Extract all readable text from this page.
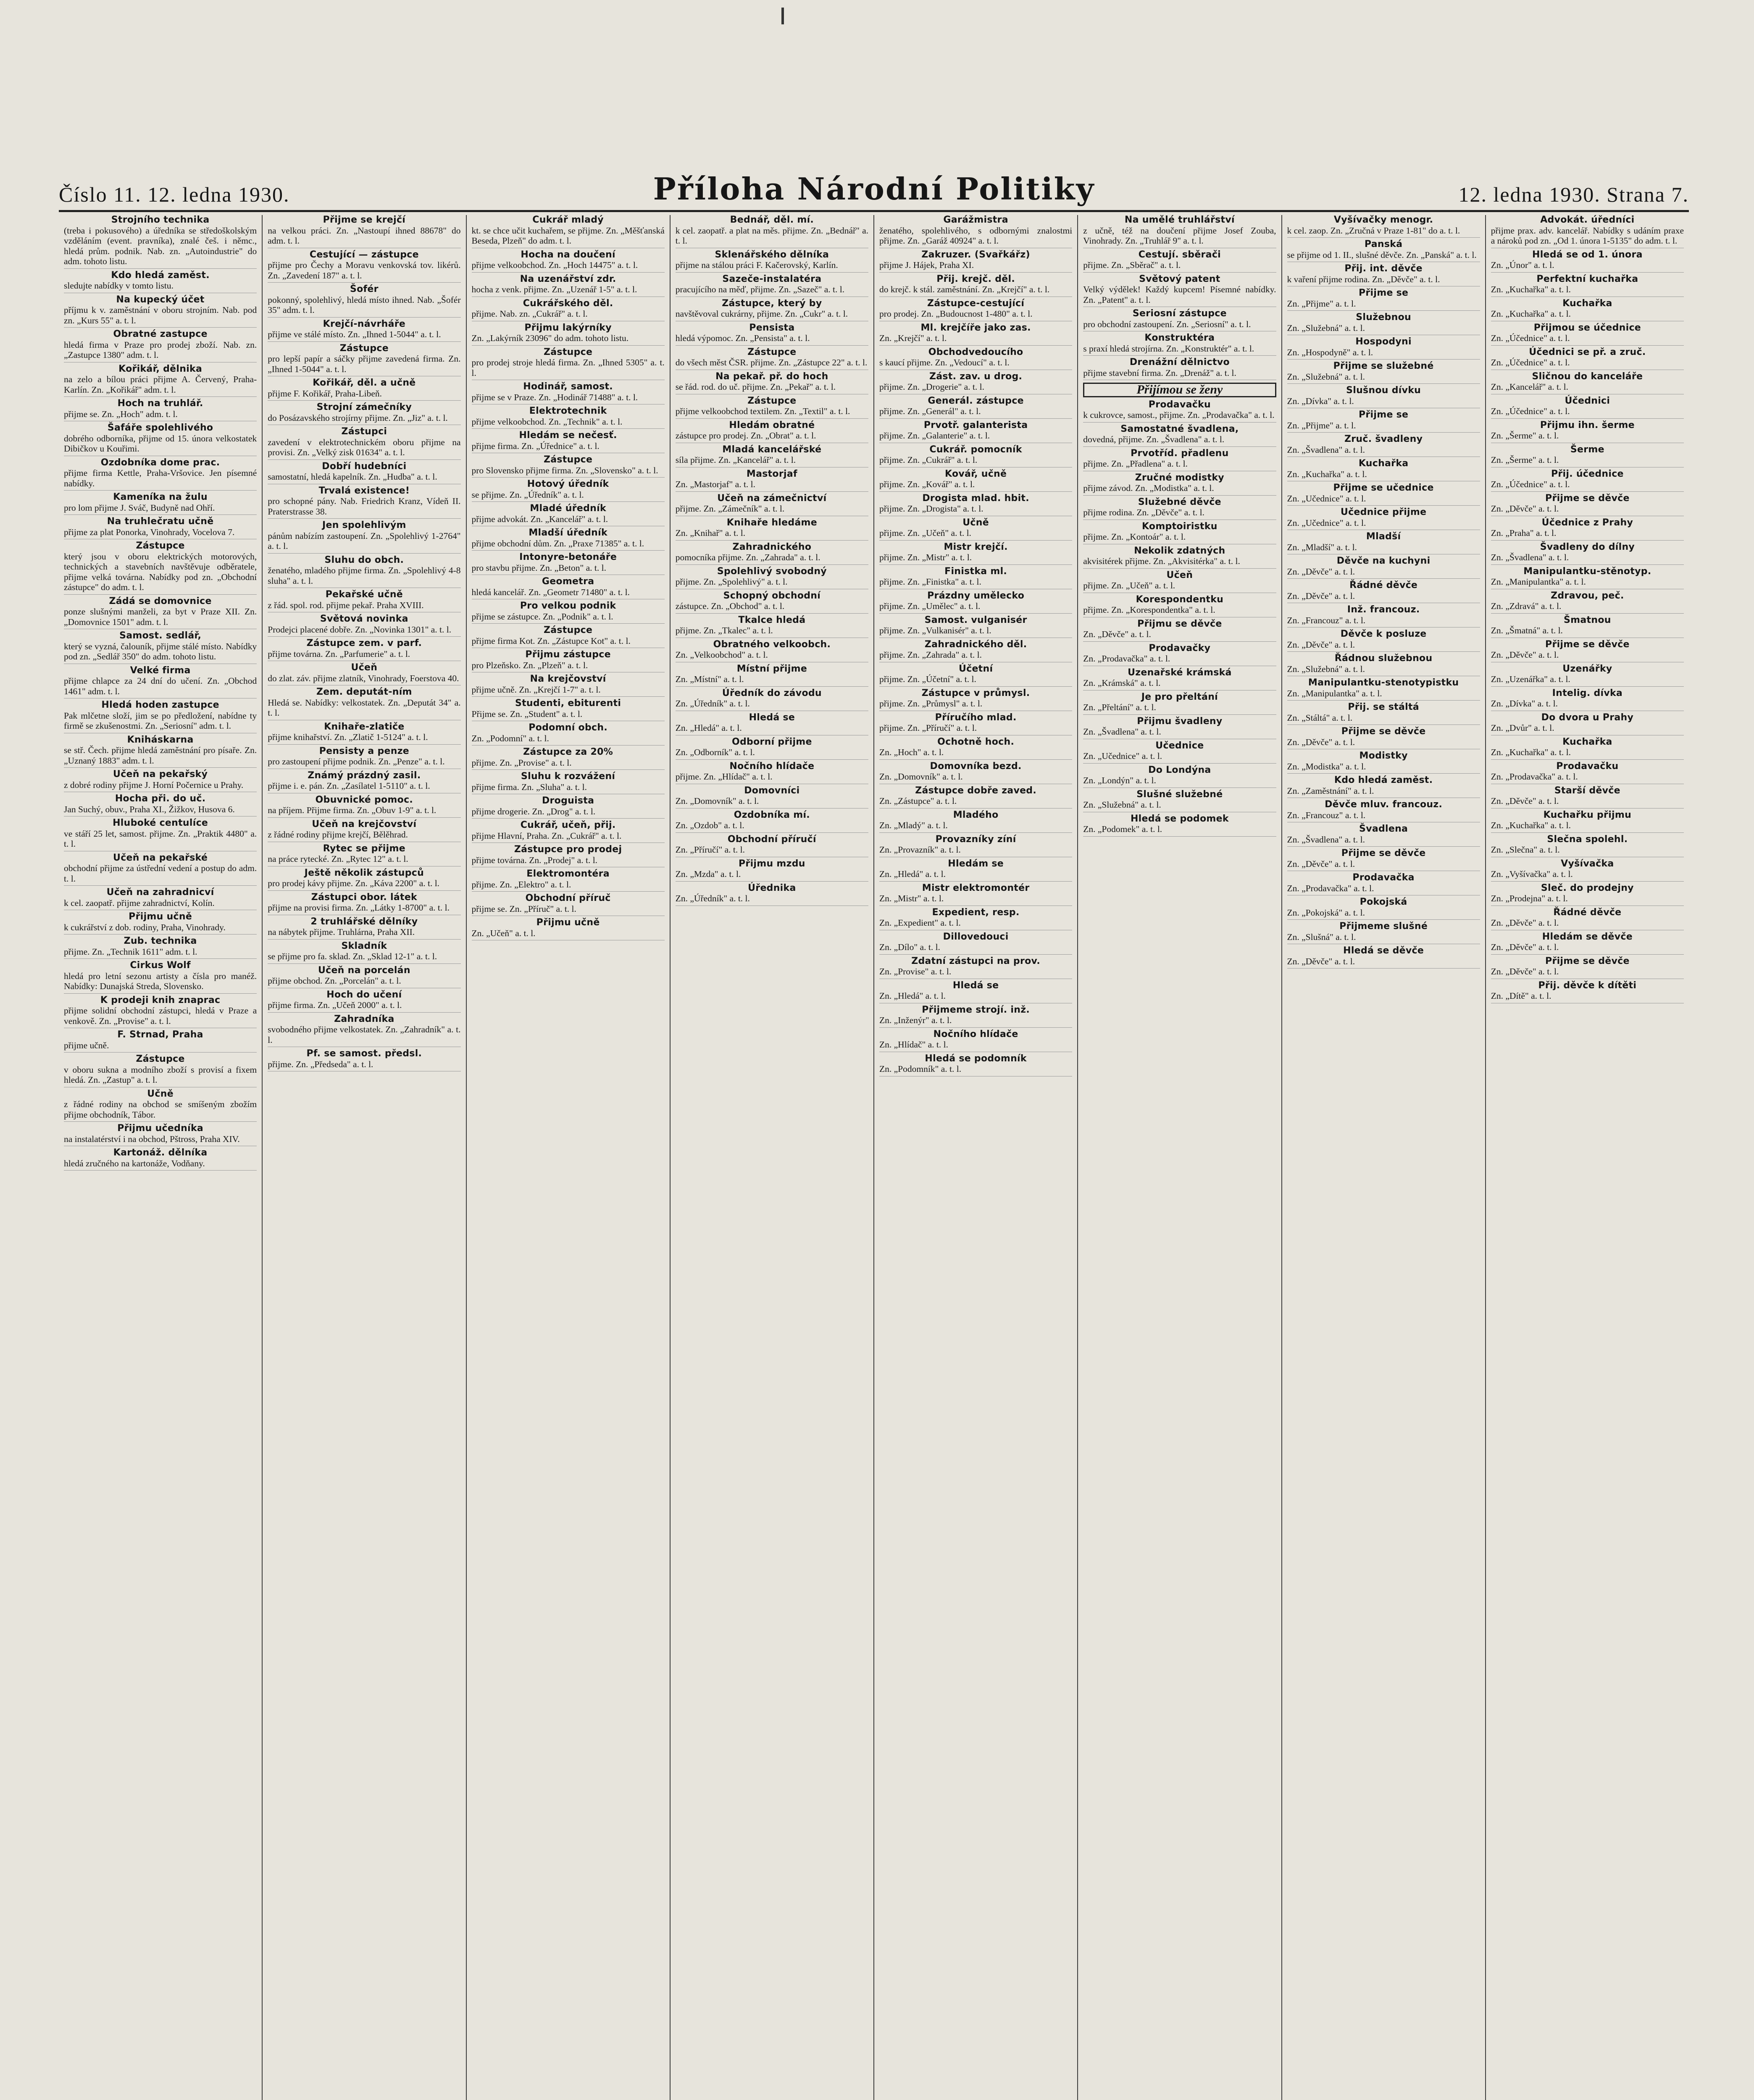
Číslo 11. 12. ledna 1930.	Příloha Národní Politiky	12. ledna 1930. Strana 7.
Strojního technika
(treba i pokusového) a úředníka se středoškolským vzděláním (event. pravníka), znalé češ. i němc., hledá prům. podnik. Nab. zn. „Autoindustrie" do adm. tohoto listu.
Kdo hledá zaměst.
sledujte nabídky v tomto listu.
Na kupecký účet
příjmu k v. zaměstnání v oboru strojním. Nab. pod zn. „Kurs 55" a. t. l.
Obratné zastupce
hledá firma v Praze pro prodej zboží. Nab. zn. „Zastupce 1380" adm. t. l.
Kořikář, dělnika
na zelo a bílou práci přijme A. Červený, Praha-Karlín. Zn. „Kořikář" adm. t. l.
Hoch na truhlář.
přijme se. Zn. „Hoch" adm. t. l.
Šafáře spolehlivého
dobrého odborníka, přijme od 15. února velkostatek Dibičkov u Kouřimi.
Ozdobníka dome prac.
přijme firma Kettle, Praha-Vršovice. Jen písemné nabídky.
Kameníka na žulu
pro lom přijme J. Sváč, Budyně nad Ohří.
Na truhlečratu učně
přijme za plat Ponorka, Vinohrady, Vocelova 7.
Zástupce
který jsou v oboru elektrických motorových, technických a stavebních navštěvuje odběratele, přijme velká továrna. Nabídky pod zn. „Obchodní zástupce" do adm. t. l.
Zádá se domovnice
ponze slušnými manželi, za byt v Praze XII. Zn. „Domovnice 1501" adm. t. l.
Samost. sedlář,
který se vyzná, čalouník, přijme stálé místo. Nabídky pod zn. „Sedlář 350" do adm. tohoto listu.
Velké firma
přijme chlapce za 24 dní do učení. Zn. „Obchod 1461" adm. t. l.
Hledá hoden zastupce
Pak mlčetne složí, jim se po předložení, nabídne ty firmě se zkušenostmi. Zn. „Seriosní" adm. t. l.
Kniháskarna
se stř. Čech. přijme hledá zaměstnání pro písaře. Zn. „Uznaný 1883" adm. t. l.
Učeň na pekařský
z dobré rodiny přijme J. Horní Počernice u Prahy.
Hocha při. do uč.
Jan Suchý, obuv., Praha XI., Žižkov, Husova 6.
Hluboké centulíce
ve stáří 25 let, samost. přijme. Zn. „Praktik 4480" a. t. l.
Učeň na pekařské
obchodní přijme za ústřední vedení a postup do adm. t. l.
Učeň na zahradnicví
k cel. zaopatř. přijme zahradnictví, Kolín.
Přijmu učně
k cukrářství z dob. rodiny, Praha, Vinohrady.
Zub. technika
přijme. Zn. „Technik 1611" adm. t. l.
Cirkus Wolf
hledá pro letní sezonu artisty a čísla pro manéž. Nabídky: Dunajská Streda, Slovensko.
K prodeji knih znaprac
přijme solidní obchodní zástupci, hledá v Praze a venkově. Zn. „Provise" a. t. l.
F. Strnad, Praha
přijme učně.
Zástupce
v oboru sukna a modního zboží s provisí a fixem hledá. Zn. „Zastup" a. t. l.
Učně
z řádné rodiny na obchod se smíšeným zbožím přijme obchodník, Tábor.
Přijmu učedníka
na instalatérství i na obchod, Pštross, Praha XIV.
Kartonáž. dělníka
hledá zručného na kartonáže, Vodňany.
Přijme se krejčí
na velkou práci. Zn. „Nastoupí ihned 88678" do adm. t. l.
Cestující — zástupce
přijme pro Čechy a Moravu venkovská tov. likérů. Zn. „Zavedení 187" a. t. l.
Šofér
pokonný, spolehlivý, hledá místo ihned. Nab. „Šofér 35" adm. t. l.
Krejčí-návrháře
přijme ve stálé místo. Zn. „Ihned 1-5044" a. t. l.
Zástupce
pro lepší papír a sáčky přijme zavedená firma. Zn. „Ihned 1-5044" a. t. l.
Kořikář, děl. a učně
přijme F. Kořikář, Praha-Libeň.
Strojní zámečníky
do Posázavského strojírny přijme. Zn. „Jiz" a. t. l.
Zástupci
zavedení v elektrotechnickém oboru přijme na provisi. Zn. „Velký zisk 01634" a. t. l.
Dobří hudebníci
samostatní, hledá kapelník. Zn. „Hudba" a. t. l.
Trvalá existence!
pro schopné pány. Nab. Friedrich Kranz, Vídeň II. Praterstrasse 38.
Jen spolehlivým
pánům nabízím zastoupení. Zn. „Spolehlivý 1-2764" a. t. l.
Sluhu do obch.
ženatého, mladého přijme firma. Zn. „Spolehlivý 4-8 sluha" a. t. l.
Pekařské učně
z řád. spol. rod. přijme pekař. Praha XVIII.
Světová novinka
Prodejci placené dobře. Zn. „Novinka 1301" a. t. l.
Zástupce zem. v parf.
přijme továrna. Zn. „Parfumerie" a. t. l.
Učeň
do zlat. záv. přijme zlatník, Vinohrady, Foerstova 40.
Zem. deputát-ním
Hledá se. Nabídky: velkostatek. Zn. „Deputát 34" a. t. l.
Knihaře-zlatiče
přijme knihařství. Zn. „Zlatič 1-5124" a. t. l.
Pensisty a penze
pro zastoupení přijme podnik. Zn. „Penze" a. t. l.
Známý prázdný zasil.
přijme i. e. pán. Zn. „Zasílatel 1-5110" a. t. l.
Obuvnické pomoc.
na příjem. Přijme firma. Zn. „Obuv 1-9" a. t. l.
Učeň na krejčovství
z řádné rodiny přijme krejčí, Bělěhrad.
Rytec se přijme
na práce rytecké. Zn. „Rytec 12" a. t. l.
Ještě několik zástupců
pro prodej kávy přijme. Zn. „Káva 2200" a. t. l.
Zástupci obor. látek
přijme na provisi firma. Zn. „Látky 1-8700" a. t. l.
2 truhlářské dělníky
na nábytek přijme. Truhlárna, Praha XII.
Skladník
se přijme pro fa. sklad. Zn. „Sklad 12-1" a. t. l.
Učeň na porcelán
přijme obchod. Zn. „Porcelán" a. t. l.
Hoch do učení
přijme firma. Zn. „Učeň 2000" a. t. l.
Zahradníka
svobodného přijme velkostatek. Zn. „Zahradník" a. t. l.
Pf. se samost. předsl.
přijme. Zn. „Předseda" a. t. l.
Cukrář mladý
kt. se chce učit kuchařem, se přijme. Zn. „Měšťanská Beseda, Plzeň" do adm. t. l.
Hocha na doučení
přijme velkoobchod. Zn. „Hoch 14475" a. t. l.
Na uzenářství zdr.
hocha z venk. přijme. Zn. „Uzenář 1-5" a. t. l.
Cukrářského děl.
přijme. Nab. zn. „Cukrář" a. t. l.
Přijmu lakýrníky
Zn. „Lakýrník 23096" do adm. tohoto listu.
Zástupce
pro prodej stroje hledá firma. Zn. „Ihned 5305" a. t. l.
Hodinář, samost.
přijme se v Praze. Zn. „Hodinář 71488" a. t. l.
Elektrotechnik
přijme velkoobchod. Zn. „Technik" a. t. l.
Hledám se nečesť.
přijme firma. Zn. „Úřednice" a. t. l.
Zástupce
pro Slovensko přijme firma. Zn. „Slovensko" a. t. l.
Hotový úředník
se přijme. Zn. „Úředník" a. t. l.
Mladé úředník
přijme advokát. Zn. „Kancelář" a. t. l.
Mladší úředník
přijme obchodní dům. Zn. „Praxe 71385" a. t. l.
Intonyre-betonáře
pro stavbu přijme. Zn. „Beton" a. t. l.
Geometra
hledá kancelář. Zn. „Geometr 71480" a. t. l.
Pro velkou podnik
přijme se zástupce. Zn. „Podnik" a. t. l.
Zástupce
přijme firma Kot. Zn. „Zástupce Kot" a. t. l.
Přijmu zástupce
pro Plzeňsko. Zn. „Plzeň" a. t. l.
Na krejčovství
přijme učně. Zn. „Krejčí 1-7" a. t. l.
Studenti, ebiturenti
Přijme se. Zn. „Student" a. t. l.
Podomní obch.
Zn. „Podomní" a. t. l.
Zástupce za 20%
přijme. Zn. „Provise" a. t. l.
Sluhu k rozvážení
přijme firma. Zn. „Sluha" a. t. l.
Droguista
přijme drogerie. Zn. „Drog" a. t. l.
Cukrář, učeň, přij.
přijme Hlavní, Praha. Zn. „Cukrář" a. t. l.
Zástupce pro prodej
přijme továrna. Zn. „Prodej" a. t. l.
Elektromontéra
přijme. Zn. „Elektro" a. t. l.
Obchodní příruč
přijme se. Zn. „Příruč" a. t. l.
Přijmu učně
Zn. „Učeň" a. t. l.
Bednář, děl. mí.
k cel. zaopatř. a plat na měs. přijme. Zn. „Bednář" a. t. l.
Sklenářského dělníka
přijme na stálou práci F. Kačerovský, Karlín.
Sazeče-instalatéra
pracujícího na měď, přijme. Zn. „Sazeč" a. t. l.
Zástupce, který by
navštěvoval cukrárny, přijme. Zn. „Cukr" a. t. l.
Pensista
hledá výpomoc. Zn. „Pensista" a. t. l.
Zástupce
do všech měst ČSR. přijme. Zn. „Zástupce 22" a. t. l.
Na pekař. př. do hoch
se řád. rod. do uč. přijme. Zn. „Pekař" a. t. l.
Zástupce
přijme velkoobchod textilem. Zn. „Textil" a. t. l.
Hledám obratné
zástupce pro prodej. Zn. „Obrat" a. t. l.
Mladá kancelářské
síla přijme. Zn. „Kancelář" a. t. l.
Mastorjaf
Zn. „Mastorjaf" a. t. l.
Učeň na zámečnictví
přijme. Zn. „Zámečník" a. t. l.
Knihaře hledáme
Zn. „Knihař" a. t. l.
Zahradnického
pomocníka přijme. Zn. „Zahrada" a. t. l.
Spolehlivý svobodný
přijme. Zn. „Spolehlivý" a. t. l.
Schopný obchodní
zástupce. Zn. „Obchod" a. t. l.
Tkalce hledá
přijme. Zn. „Tkalec" a. t. l.
Obratného velkoobch.
Zn. „Velkoobchod" a. t. l.
Místní přijme
Zn. „Místní" a. t. l.
Úředník do závodu
Zn. „Úředník" a. t. l.
Hledá se
Zn. „Hledá" a. t. l.
Odborní přijme
Zn. „Odborník" a. t. l.
Nočního hlídače
přijme. Zn. „Hlídač" a. t. l.
Domovníci
Zn. „Domovník" a. t. l.
Ozdobníka mí.
Zn. „Ozdob" a. t. l.
Obchodní příručí
Zn. „Příručí" a. t. l.
Přijmu mzdu
Zn. „Mzda" a. t. l.
Úřednika
Zn. „Úředník" a. t. l.
Garážmistra
ženatého, spolehlivého, s odbornými znalostmi přijme. Zn. „Garáž 40924" a. t. l.
Zakruzer. (Svařkářz)
přijme J. Hájek, Praha XI.
Přij. krejč. děl.
do krejč. k stál. zaměstnání. Zn. „Krejčí" a. t. l.
Zástupce-cestující
pro prodej. Zn. „Budoucnost 1-480" a. t. l.
Ml. krejčíře jako zas.
Zn. „Krejčí" a. t. l.
Obchodvedoucího
s kaucí přijme. Zn. „Vedoucí" a. t. l.
Zást. zav. u drog.
přijme. Zn. „Drogerie" a. t. l.
Generál. zástupce
přijme. Zn. „Generál" a. t. l.
Prvotř. galanterista
přijme. Zn. „Galanterie" a. t. l.
Cukrář. pomocník
přijme. Zn. „Cukrář" a. t. l.
Kovář, učně
přijme. Zn. „Kovář" a. t. l.
Drogista mlad. hbit.
přijme. Zn. „Drogista" a. t. l.
Učně
přijme. Zn. „Učeň" a. t. l.
Mistr krejčí.
přijme. Zn. „Mistr" a. t. l.
Finistka ml.
přijme. Zn. „Finistka" a. t. l.
Prázdny umělecko
přijme. Zn. „Umělec" a. t. l.
Samost. vulganisér
přijme. Zn. „Vulkanisér" a. t. l.
Zahradnického děl.
přijme. Zn. „Zahrada" a. t. l.
Účetní
přijme. Zn. „Účetní" a. t. l.
Zástupce v průmysl.
přijme. Zn. „Průmysl" a. t. l.
Příručího mlad.
přijme. Zn. „Příručí" a. t. l.
Ochotně hoch.
Zn. „Hoch" a. t. l.
Domovníka bezd.
Zn. „Domovník" a. t. l.
Zástupce dobře zaved.
Zn. „Zástupce" a. t. l.
Mladého
Zn. „Mladý" a. t. l.
Provazníky zíní
Zn. „Provazník" a. t. l.
Hledám se
Zn. „Hledá" a. t. l.
Mistr elektromontér
Zn. „Mistr" a. t. l.
Expedient, resp.
Zn. „Expedient" a. t. l.
Dillovedouci
Zn. „Dílo" a. t. l.
Zdatní zástupci na prov.
Zn. „Provise" a. t. l.
Hledá se
Zn. „Hledá" a. t. l.
Přijmeme strojí. inž.
Zn. „Inženýr" a. t. l.
Nočního hlídače
Zn. „Hlídač" a. t. l.
Hledá se podomník
Zn. „Podomník" a. t. l.
Na umělé truhlářství
z učně, též na doučení přijme Josef Zouba, Vinohrady. Zn. „Truhlář 9" a. t. l.
Cestují. sběrači
přijme. Zn. „Sběrač" a. t. l.
Světový patent
Velký výdělek! Každý kupcem! Písemné nabídky. Zn. „Patent" a. t. l.
Seriosní zástupce
pro obchodní zastoupení. Zn. „Seriosní" a. t. l.
Konstruktéra
s praxí hledá strojírna. Zn. „Konstruktér" a. t. l.
Drenážní dělnictvo
přijme stavební firma. Zn. „Drenáž" a. t. l.
Přijímou se ženy
Prodavačku
k cukrovce, samost., přijme. Zn. „Prodavačka" a. t. l.
Samostatné švadlena,
dovedná, přijme. Zn. „Švadlena" a. t. l.
Prvotříd. přadlenu
přijme. Zn. „Přadlena" a. t. l.
Zručné modistky
přijme závod. Zn. „Modistka" a. t. l.
Služebné děvče
přijme rodina. Zn. „Děvče" a. t. l.
Komptoiristku
přijme. Zn. „Kontoár" a. t. l.
Nekolik zdatných
akvisitérek přijme. Zn. „Akvisitérka" a. t. l.
Učeň
přijme. Zn. „Učeň" a. t. l.
Korespondentku
přijme. Zn. „Korespondentka" a. t. l.
Přijmu se děvče
Zn. „Děvče" a. t. l.
Prodavačky
Zn. „Prodavačka" a. t. l.
Uzenařské krámská
Zn. „Krámská" a. t. l.
Je pro přeltání
Zn. „Přeltání" a. t. l.
Přijmu švadleny
Zn. „Švadlena" a. t. l.
Učednice
Zn. „Učednice" a. t. l.
Do Londýna
Zn. „Londýn" a. t. l.
Slušné služebné
Zn. „Služebná" a. t. l.
Hledá se podomek
Zn. „Podomek" a. t. l.
Vyšívačky menogr.
k cel. zaop. Zn. „Zručná v Praze 1-81" do a. t. l.
Panská
se přijme od 1. II., slušné děvče. Zn. „Panská" a. t. l.
Přij. int. děvče
k vaření přijme rodina. Zn. „Děvče" a. t. l.
Přijme se
Zn. „Přijme" a. t. l.
Služebnou
Zn. „Služebná" a. t. l.
Hospodyni
Zn. „Hospodyně" a. t. l.
Přijme se služebné
Zn. „Služebná" a. t. l.
Slušnou dívku
Zn. „Dívka" a. t. l.
Přijme se
Zn. „Přijme" a. t. l.
Zruč. švadleny
Zn. „Švadlena" a. t. l.
Kuchařka
Zn. „Kuchařka" a. t. l.
Přijme se učednice
Zn. „Učednice" a. t. l.
Učednice přijme
Zn. „Učednice" a. t. l.
Mladší
Zn. „Mladší" a. t. l.
Děvče na kuchyni
Zn. „Děvče" a. t. l.
Řádné děvče
Zn. „Děvče" a. t. l.
Inž. francouz.
Zn. „Francouz" a. t. l.
Děvče k posluze
Zn. „Děvče" a. t. l.
Řádnou služebnou
Zn. „Služebná" a. t. l.
Manipulantku-stenotypistku
Zn. „Manipulantka" a. t. l.
Přij. se stáltá
Zn. „Stáltá" a. t. l.
Přijme se děvče
Zn. „Děvče" a. t. l.
Modistky
Zn. „Modistka" a. t. l.
Kdo hledá zaměst.
Zn. „Zaměstnání" a. t. l.
Děvče mluv. francouz.
Zn. „Francouz" a. t. l.
Švadlena
Zn. „Švadlena" a. t. l.
Přijme se děvče
Zn. „Děvče" a. t. l.
Prodavačka
Zn. „Prodavačka" a. t. l.
Pokojská
Zn. „Pokojská" a. t. l.
Přijmeme slušné
Zn. „Slušná" a. t. l.
Hledá se děvče
Zn. „Děvče" a. t. l.
Advokát. úředníci
přijme prax. adv. kancelář. Nabídky s udáním praxe a nároků pod zn. „Od 1. února 1-5135" do adm. t. l.
Hledá se od 1. února
Zn. „Únor" a. t. l.
Perfektní kuchařka
Zn. „Kuchařka" a. t. l.
Kuchařka
Zn. „Kuchařka" a. t. l.
Přijmou se účednice
Zn. „Účednice" a. t. l.
Účednici se př. a zruč.
Zn. „Účednice" a. t. l.
Sličnou do kanceláře
Zn. „Kancelář" a. t. l.
Účednici
Zn. „Účednice" a. t. l.
Přijmu ihn. šerme
Zn. „Šerme" a. t. l.
Šerme
Zn. „Šerme" a. t. l.
Přij. účednice
Zn. „Účednice" a. t. l.
Přijme se děvče
Zn. „Děvče" a. t. l.
Účednice z Prahy
Zn. „Praha" a. t. l.
Švadleny do dílny
Zn. „Švadlena" a. t. l.
Manipulantku-stěnotyp.
Zn. „Manipulantka" a. t. l.
Zdravou, peč.
Zn. „Zdravá" a. t. l.
Šmatnou
Zn. „Šmatná" a. t. l.
Přijme se děvče
Zn. „Děvče" a. t. l.
Uzenářky
Zn. „Uzenářka" a. t. l.
Intelig. dívka
Zn. „Dívka" a. t. l.
Do dvora u Prahy
Zn. „Dvůr" a. t. l.
Kuchařka
Zn. „Kuchařka" a. t. l.
Prodavačku
Zn. „Prodavačka" a. t. l.
Starší děvče
Zn. „Děvče" a. t. l.
Kuchařku přijmu
Zn. „Kuchařka" a. t. l.
Slečna spolehl.
Zn. „Slečna" a. t. l.
Vyšívačka
Zn. „Vyšívačka" a. t. l.
Sleč. do prodejny
Zn. „Prodejna" a. t. l.
Řádné děvče
Zn. „Děvče" a. t. l.
Hledám se děvče
Zn. „Děvče" a. t. l.
Přijme se děvče
Zn. „Děvče" a. t. l.
Přij. děvče k dítěti
Zn. „Dítě" a. t. l.
